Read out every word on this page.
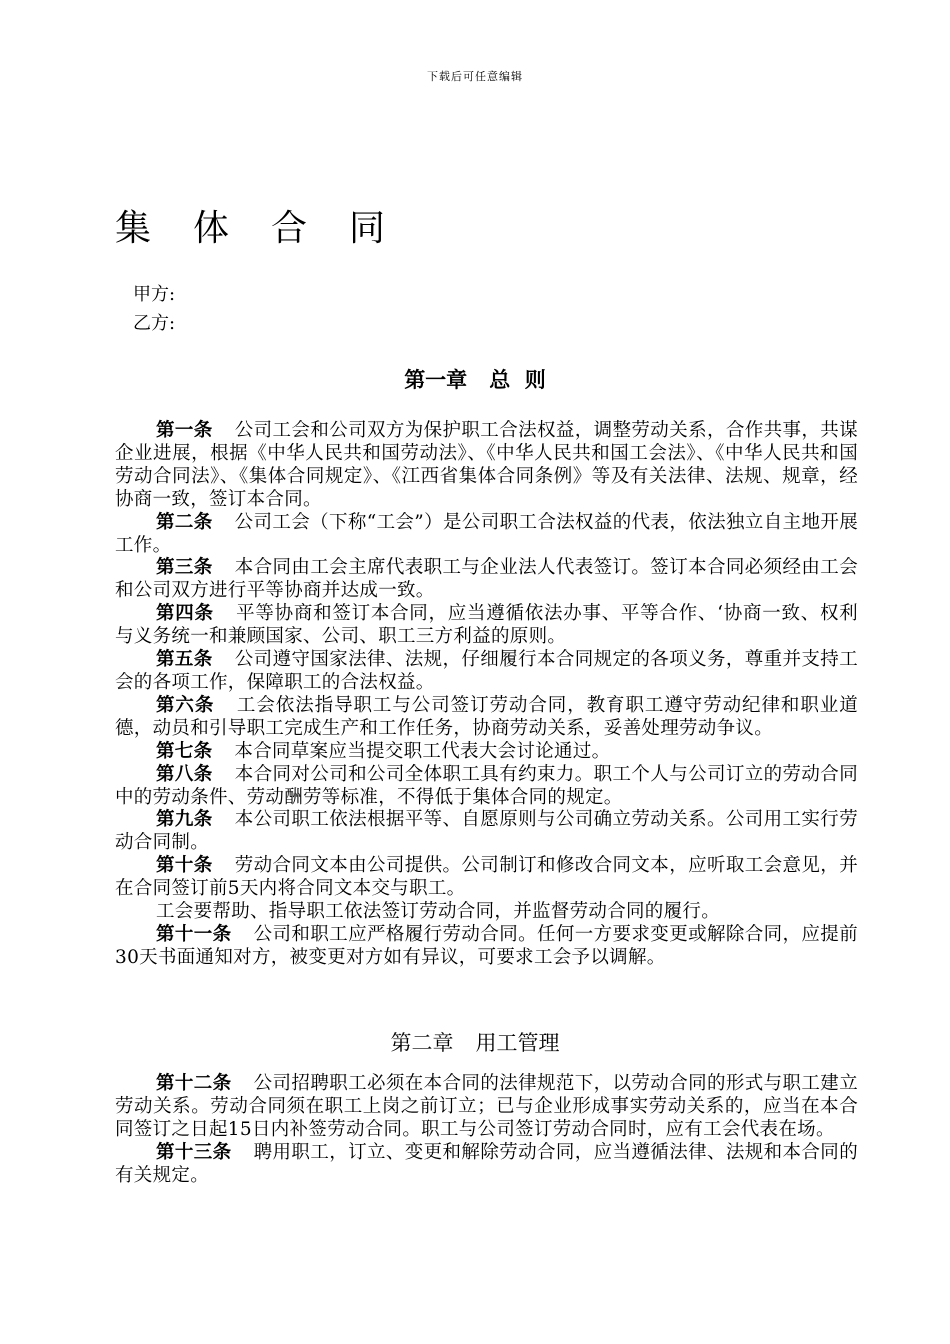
下载后可任意编辑
集体合同
甲方:
乙方:
第一章 总  则

第一条 公司工会和公司双方为保护职工合法权益，调整劳动关系，合作共事，共谋企业进展，根据《中华人民共和国劳动法》、《中华人民共和国工会法》、《中华人民共和国劳动合同法》、《集体合同规定》、《江西省集体合同条例》等及有关法律、法规、规章，经协商一致，签订本合同。

第二条 公司工会（下称“工会”）是公司职工合法权益的代表，依法独立自主地开展工作。

第三条 本合同由工会主席代表职工与企业法人代表签订。签订本合同必须经由工会和公司双方进行平等协商并达成一致。

第四条 平等协商和签订本合同，应当遵循依法办事、平等合作、‘协商一致、权利与义务统一和兼顾国家、公司、职工三方利益的原则。

第五条 公司遵守国家法律、法规，仔细履行本合同规定的各项义务，尊重并支持工会的各项工作，保障职工的合法权益。

第六条 工会依法指导职工与公司签订劳动合同，教育职工遵守劳动纪律和职业道德，动员和引导职工完成生产和工作任务，协商劳动关系，妥善处理劳动争议。

第七条 本合同草案应当提交职工代表大会讨论通过。

第八条 本合同对公司和公司全体职工具有约束力。职工个人与公司订立的劳动合同中的劳动条件、劳动酬劳等标准，不得低于集体合同的规定。

第九条 本公司职工依法根据平等、自愿原则与公司确立劳动关系。公司用工实行劳动合同制。

第十条 劳动合同文本由公司提供。公司制订和修改合同文本，应听取工会意见，并在合同签订前5天内将合同文本交与职工。

工会要帮助、指导职工依法签订劳动合同，并监督劳动合同的履行。

第十一条 公司和职工应严格履行劳动合同。任何一方要求变更或解除合同，应提前30天书面通知对方，被变更对方如有异议，可要求工会予以调解。

第二章 用工管理

第十二条 公司招聘职工必须在本合同的法律规范下，以劳动合同的形式与职工建立劳动关系。劳动合同须在职工上岗之前订立；已与企业形成事实劳动关系的，应当在本合同签订之日起15日内补签劳动合同。职工与公司签订劳动合同时，应有工会代表在场。

第十三条 聘用职工，订立、变更和解除劳动合同，应当遵循法律、法规和本合同的有关规定。
